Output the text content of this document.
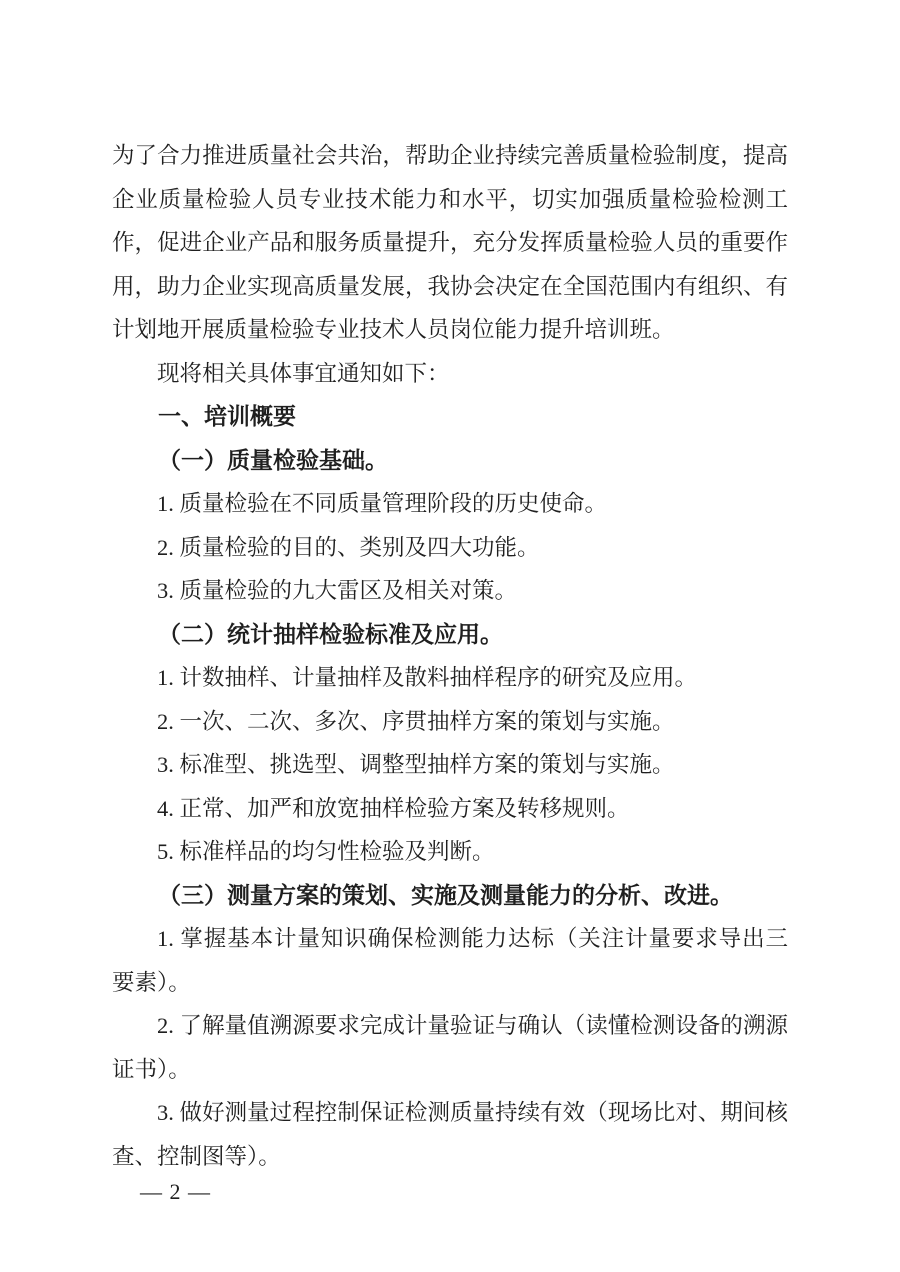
为了合力推进质量社会共治，帮助企业持续完善质量检验制度，提高
企业质量检验人员专业技术能力和水平，切实加强质量检验检测工
作，促进企业产品和服务质量提升，充分发挥质量检验人员的重要作
用，助力企业实现高质量发展，我协会决定在全国范围内有组织、有
计划地开展质量检验专业技术人员岗位能力提升培训班。
现将相关具体事宜通知如下：
一、培训概要
（一）质量检验基础。
1. 质量检验在不同质量管理阶段的历史使命。
2. 质量检验的目的、类别及四大功能。
3. 质量检验的九大雷区及相关对策。
（二）统计抽样检验标准及应用。
1. 计数抽样、计量抽样及散料抽样程序的研究及应用。
2. 一次、二次、多次、序贯抽样方案的策划与实施。
3. 标准型、挑选型、调整型抽样方案的策划与实施。
4. 正常、加严和放宽抽样检验方案及转移规则。
5. 标准样品的均匀性检验及判断。
（三）测量方案的策划、实施及测量能力的分析、改进。
1. 掌握基本计量知识确保检测能力达标（关注计量要求导出三
要素）。
2. 了解量值溯源要求完成计量验证与确认（读懂检测设备的溯源
证书）。
3. 做好测量过程控制保证检测质量持续有效（现场比对、期间核
查、控制图等）。
— 2 —
